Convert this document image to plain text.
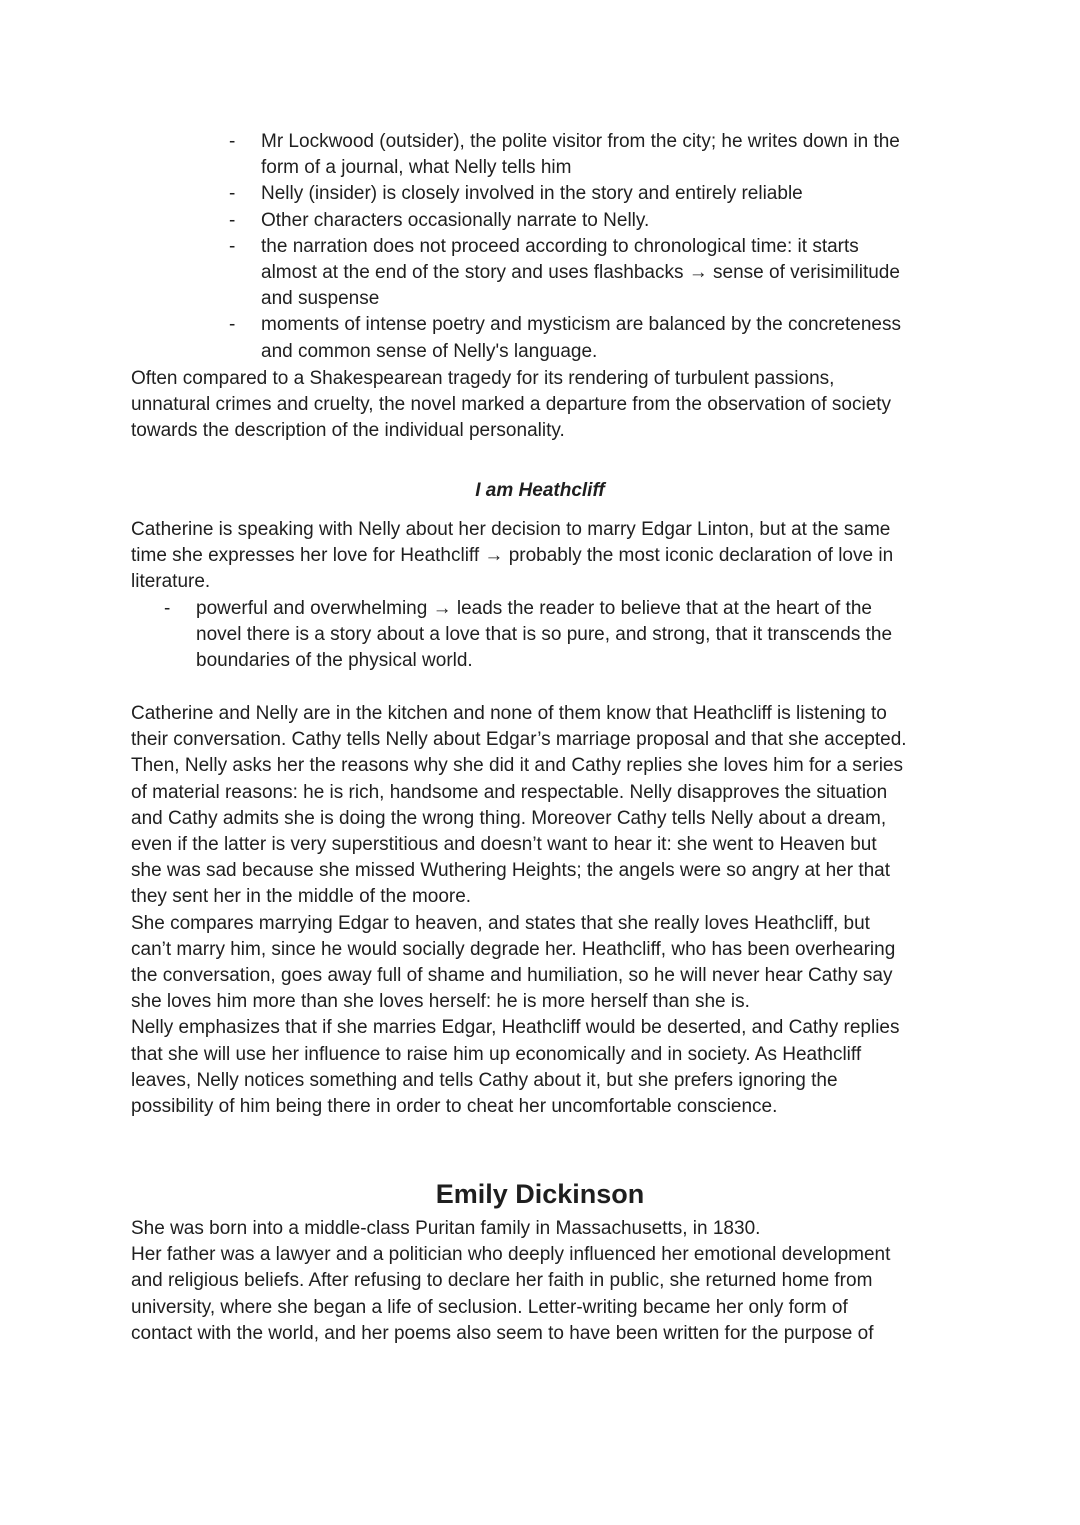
- Mr Lockwood (outsider), the polite visitor from the city; he writes down in the
form of a journal, what Nelly tells him
- Nelly (insider) is closely involved in the story and entirely reliable
- Other characters occasionally narrate to Nelly.
- the narration does not proceed according to chronological time: it starts
almost at the end of the story and uses flashbacks → sense of verisimilitude
and suspense
- moments of intense poetry and mysticism are balanced by the concreteness
and common sense of Nelly's language.

Often compared to a Shakespearean tragedy for its rendering of turbulent passions,
unnatural crimes and cruelty, the novel marked a departure from the observation of society
towards the description of the individual personality.

I am Heathcliff

Catherine is speaking with Nelly about her decision to marry Edgar Linton, but at the same
time she expresses her love for Heathcliff → probably the most iconic declaration of love in
literature.

- powerful and overwhelming → leads the reader to believe that at the heart of the
novel there is a story about a love that is so pure, and strong, that it transcends the
boundaries of the physical world.

Catherine and Nelly are in the kitchen and none of them know that Heathcliff is listening to
their conversation. Cathy tells Nelly about Edgar’s marriage proposal and that she accepted.
Then, Nelly asks her the reasons why she did it and Cathy replies she loves him for a series
of material reasons: he is rich, handsome and respectable. Nelly disapproves the situation
and Cathy admits she is doing the wrong thing. Moreover Cathy tells Nelly about a dream,
even if the latter is very superstitious and doesn’t want to hear it: she went to Heaven but
she was sad because she missed Wuthering Heights; the angels were so angry at her that
they sent her in the middle of the moore.
She compares marrying Edgar to heaven, and states that she really loves Heathcliff, but
can’t marry him, since he would socially degrade her. Heathcliff, who has been overhearing
the conversation, goes away full of shame and humiliation, so he will never hear Cathy say
she loves him more than she loves herself: he is more herself than she is.
Nelly emphasizes that if she marries Edgar, Heathcliff would be deserted, and Cathy replies
that she will use her influence to raise him up economically and in society. As Heathcliff
leaves, Nelly notices something and tells Cathy about it, but she prefers ignoring the
possibility of him being there in order to cheat her uncomfortable conscience.

Emily Dickinson

She was born into a middle-class Puritan family in Massachusetts, in 1830.
Her father was a lawyer and a politician who deeply influenced her emotional development
and religious beliefs. After refusing to declare her faith in public, she returned home from
university, where she began a life of seclusion. Letter-writing became her only form of
contact with the world, and her poems also seem to have been written for the purpose of
